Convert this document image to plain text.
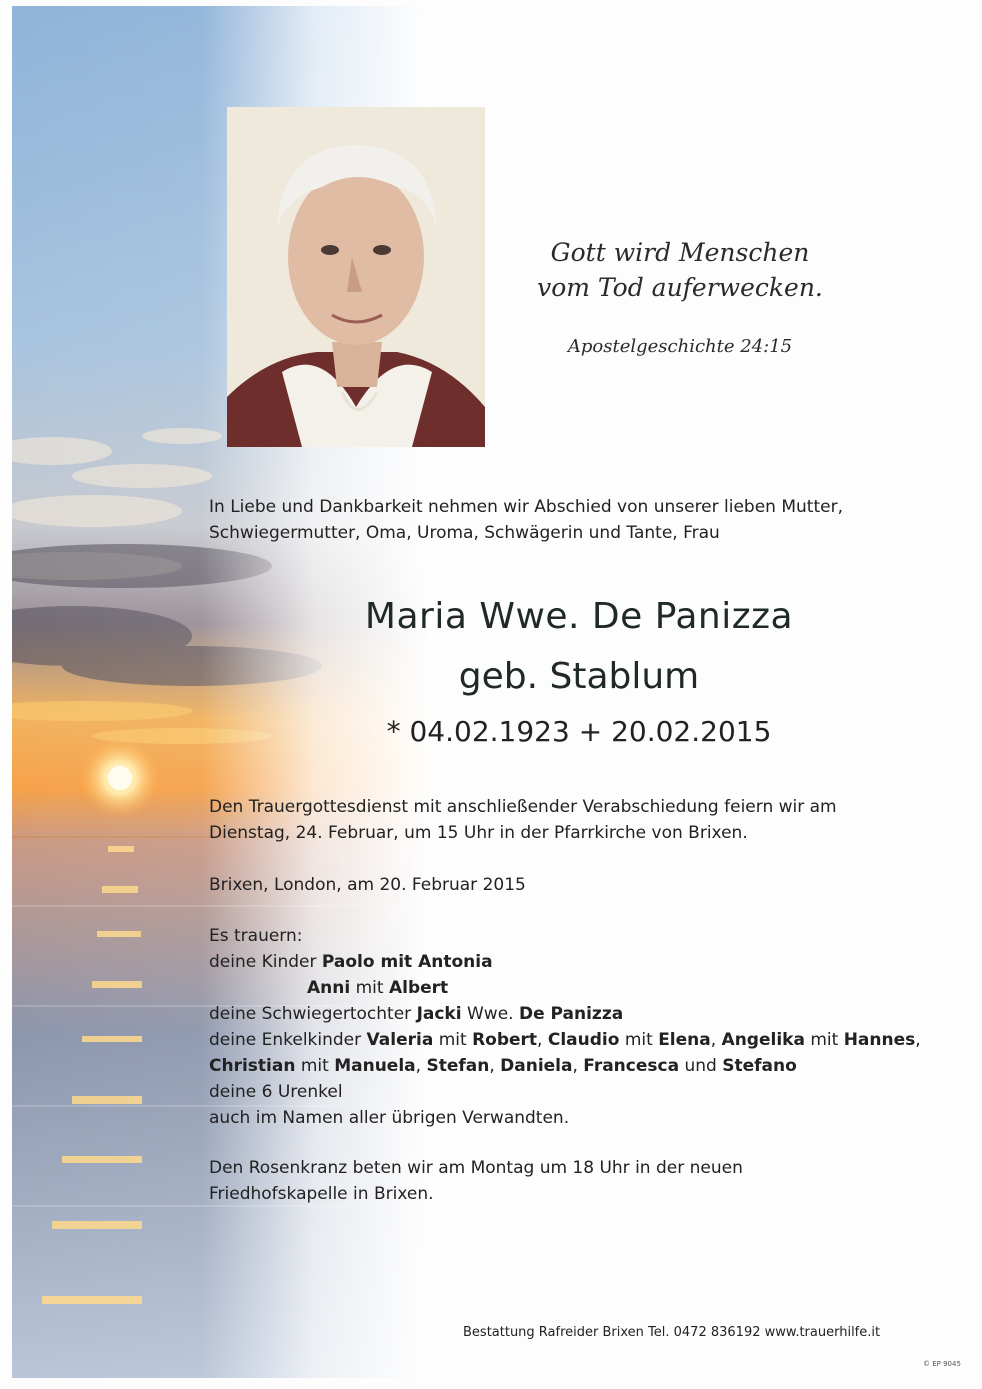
Gott wird Menschen
vom Tod auferwecken.
Apostelgeschichte 24:15
In Liebe und Dankbarkeit nehmen wir Abschied von unserer lieben Mutter,
Schwiegermutter, Oma, Uroma, Schwägerin und Tante, Frau
Maria Wwe. De Panizza
geb. Stablum
* 04.02.1923 + 20.02.2015
Den Trauergottesdienst mit anschließender Verabschiedung feiern wir am
Dienstag, 24. Februar, um 15 Uhr in der Pfarrkirche von Brixen.
Brixen, London, am 20. Februar 2015
Es trauern:
deine Kinder Paolo mit Antonia
Anni mit Albert
deine Schwiegertochter Jacki Wwe. De Panizza
deine Enkelkinder Valeria mit Robert, Claudio mit Elena, Angelika mit Hannes,
Christian mit Manuela, Stefan, Daniela, Francesca und Stefano
deine 6 Urenkel
auch im Namen aller übrigen Verwandten.
Den Rosenkranz beten wir am Montag um 18 Uhr in der neuen
Friedhofskapelle in Brixen.
Bestattung Rafreider Brixen Tel. 0472 836192 www.trauerhilfe.it
© EP 9045
